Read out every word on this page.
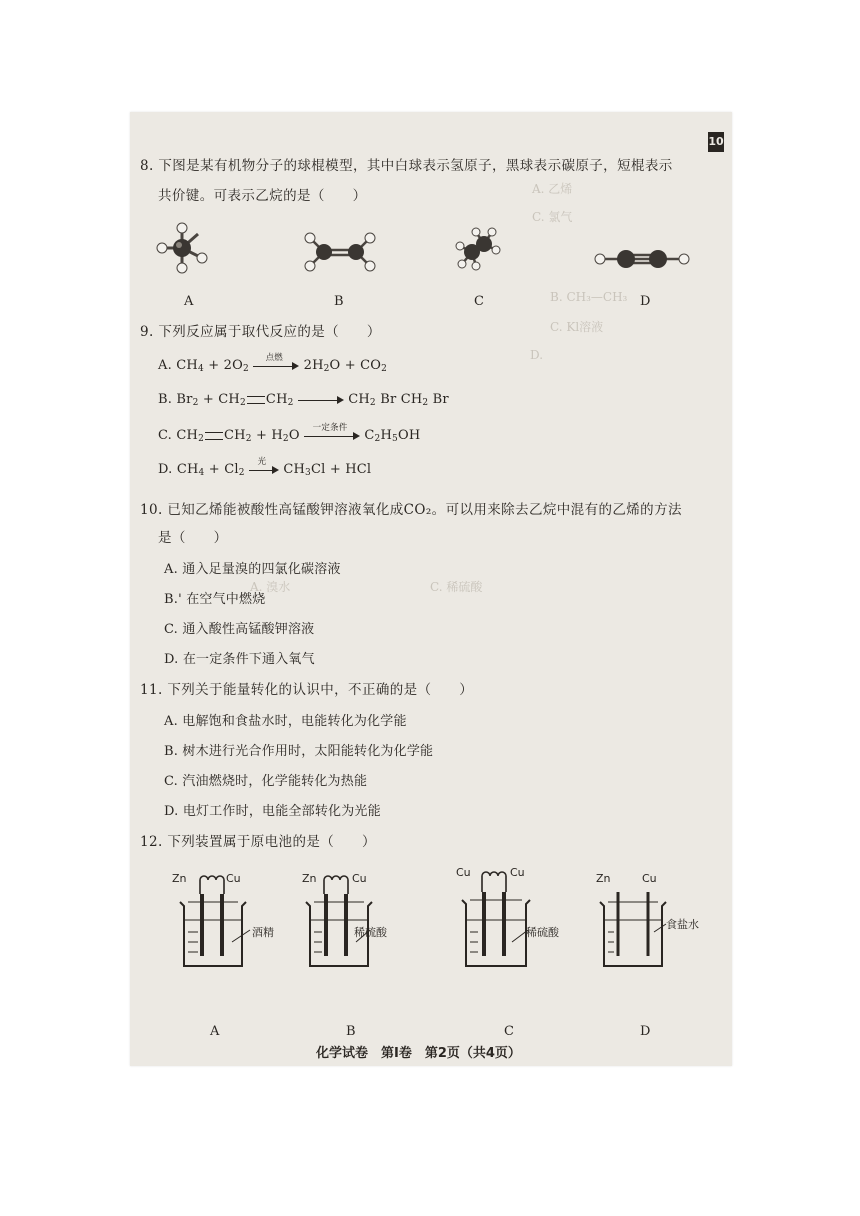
A. 乙烯
C. 氯气
B. CH₃—CH₃
C. Kl溶液
A. 溴水	C. 稀硫酸
D.
10
8. 下图是某有机物分子的球棍模型，其中白球表示氢原子，黑球表示碳原子，短棍表示
共价键。可表示乙烷的是（　　）
A	B	C	D
9. 下列反应属于取代反应的是（　　）
A. $CH_4 + 2O_2$
点燃
$2H_2O + CO_2$
B. $Br_2 + CH_2$ $CH_2$	$CH_2$ Br $CH_2$ Br
C. $CH_2$ $CH_2 + H_2O$
一定条件
$C_2H_5OH$
D. $CH_4 + Cl_2$
光
$CH_3Cl$ + HCl
10. 已知乙烯能被酸性高锰酸钾溶液氧化成CO₂。可以用来除去乙烷中混有的乙烯的方法
是（　　）
A. 通入足量溴的四氯化碳溶液
B.' 在空气中燃烧
C. 通入酸性高锰酸钾溶液
D. 在一定条件下通入氧气
11. 下列关于能量转化的认识中，不正确的是（　　）
A. 电解饱和食盐水时，电能转化为化学能
B. 树木进行光合作用时，太阳能转化为化学能
C. 汽油燃烧时，化学能转化为热能
D. 电灯工作时，电能全部转化为光能
12. 下列装置属于原电池的是（　　）
Zn	Cu
酒精
A
Zn	Cu
稀硫酸
B
Cu	Cu
稀硫酸
C
Zn	Cu
食盐水
D
化学试卷　第Ⅰ卷　第2页（共4页）
